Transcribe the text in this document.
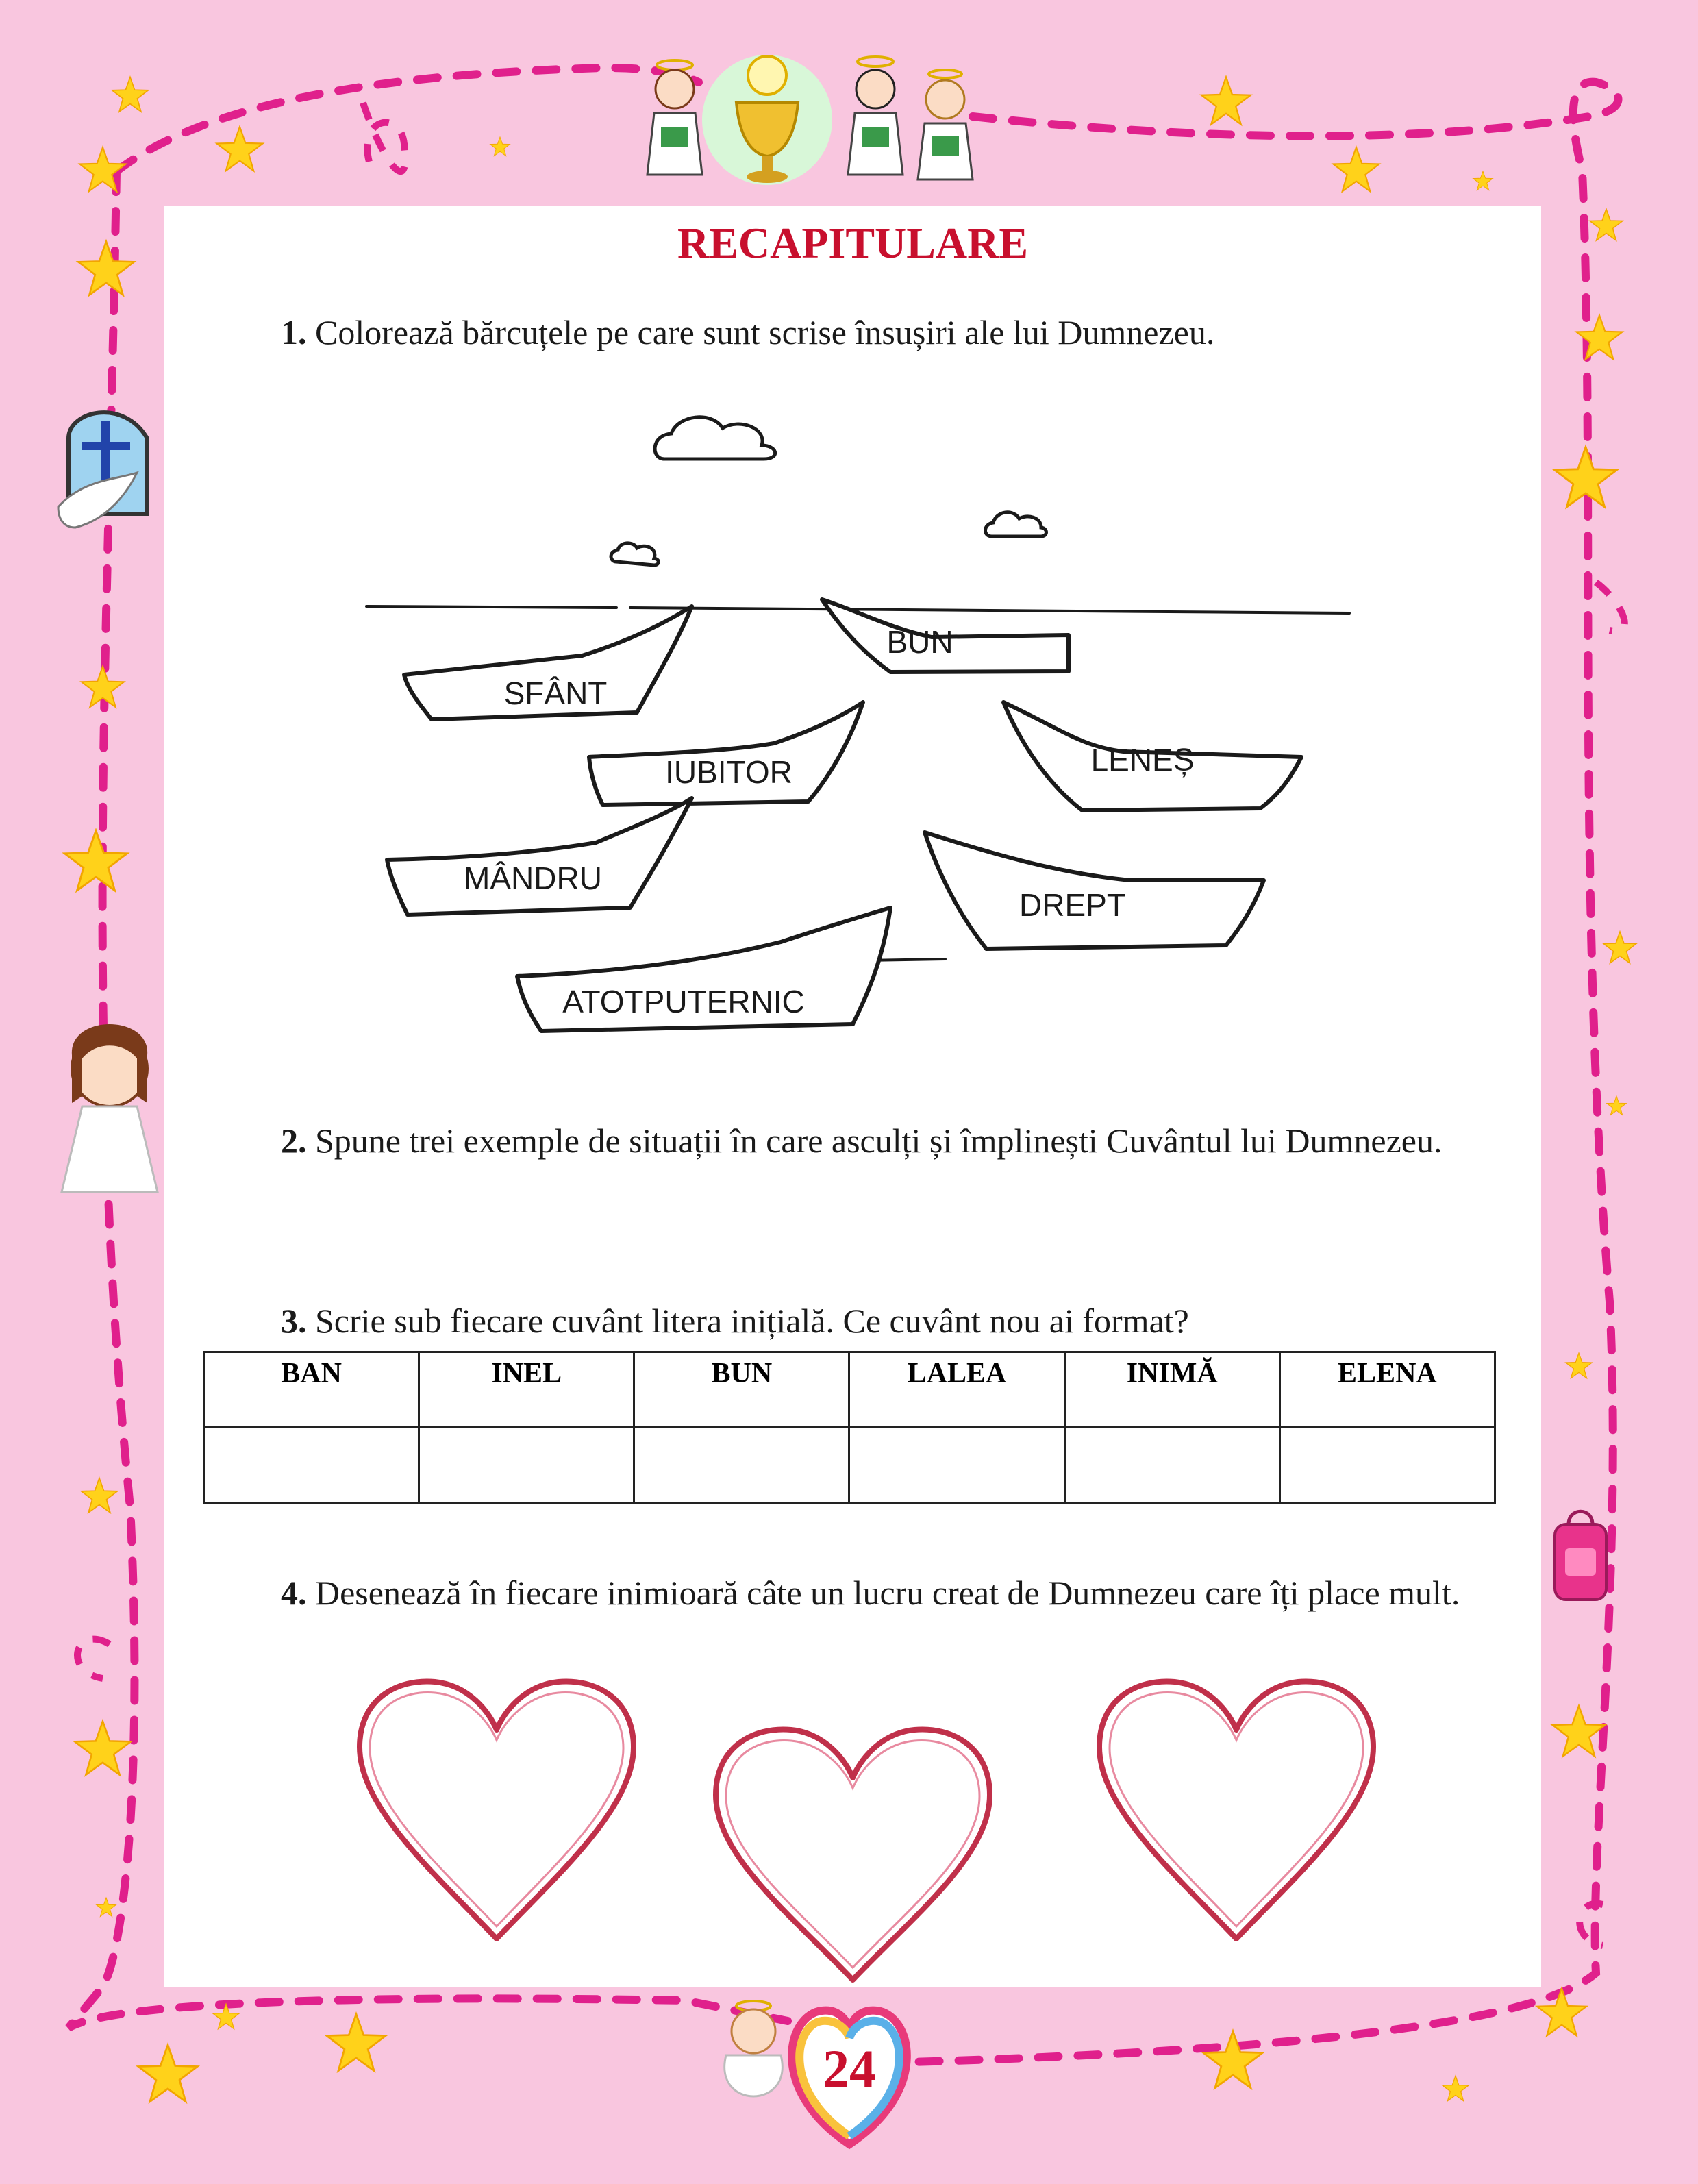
RECAPITULARE

1. Colorează bărcuțele pe care sunt scrise însușiri ale lui Dumnezeu.

BUN
SFÂNT
IUBITOR	LENEȘ
MÂNDRU
DREPT
ATOTPUTERNIC

2. Spune trei exemple de situații în care asculți și împlinești Cuvântul lui Dumnezeu.

3. Scrie sub fiecare cuvânt litera inițială. Ce cuvânt nou ai format?

BAN	INEL	BUN	LALEA	INIMĂ	ELENA

4. Desenează în fiecare inimioară câte un lucru creat de Dumnezeu care îți place mult.

24
